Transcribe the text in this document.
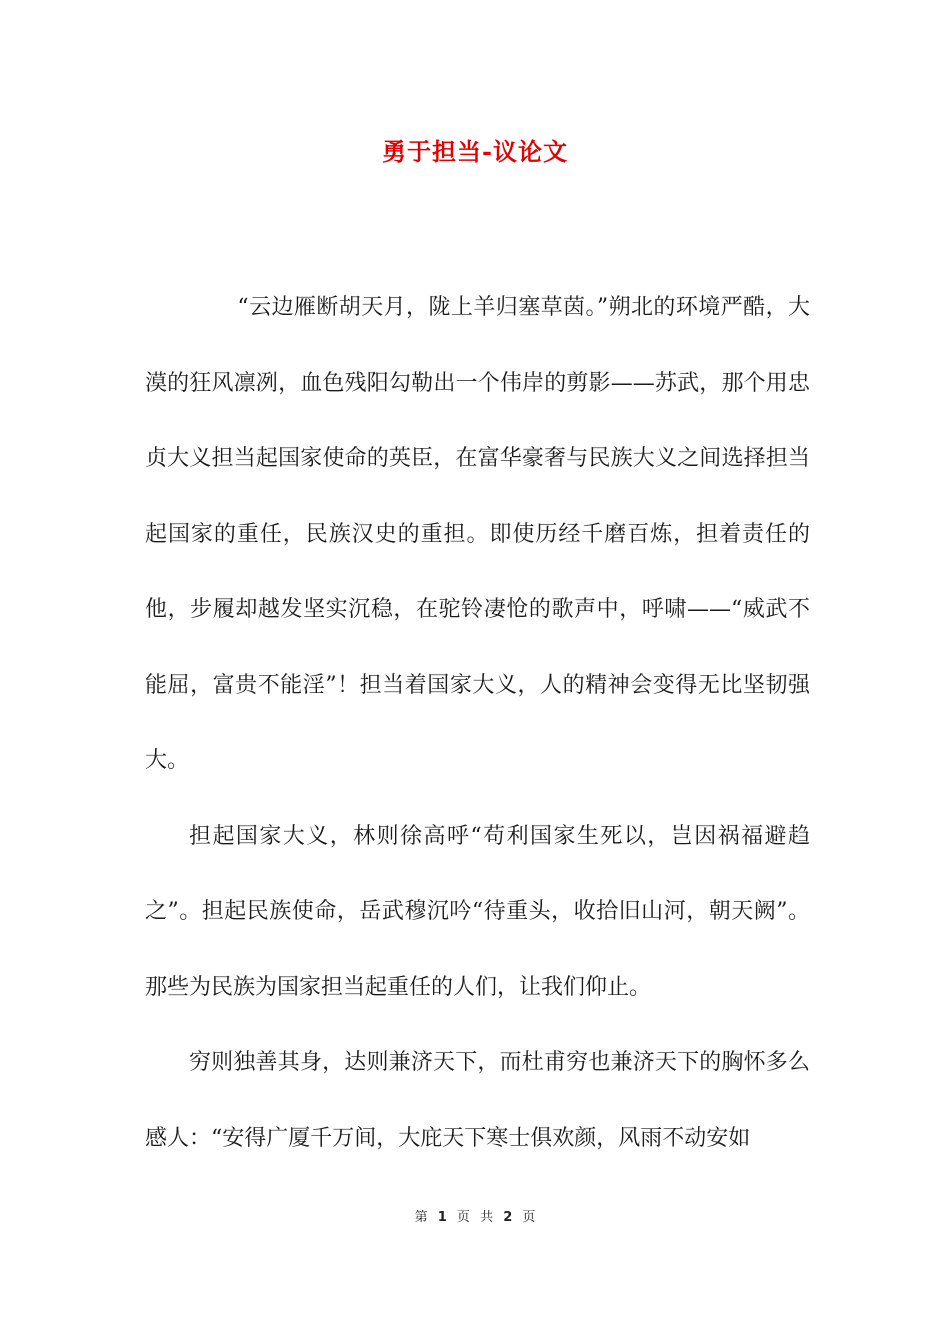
勇于担当-议论文

“云边雁断胡天月，陇上羊归塞草茵。”朔北的环境严酷，大漠的狂风凛冽，血色残阳勾勒出一个伟岸的剪影——苏武，那个用忠贞大义担当起国家使命的英臣，在富华豪奢与民族大义之间选择担当起国家的重任，民族汉史的重担。即使历经千磨百炼，担着责任的他，步履却越发坚实沉稳，在驼铃凄怆的歌声中，呼啸——“威武不能屈，富贵不能淫”！担当着国家大义，人的精神会变得无比坚韧强大。

担起国家大义，林则徐高呼“苟利国家生死以，岂因祸福避趋之”。担起民族使命，岳武穆沉吟“待重头，收拾旧山河，朝天阙”。那些为民族为国家担当起重任的人们，让我们仰止。

穷则独善其身，达则兼济天下，而杜甫穷也兼济天下的胸怀多么感人：“安得广厦千万间，大庇天下寒士俱欢颜，风雨不动安如

第 1 页 共 2 页
